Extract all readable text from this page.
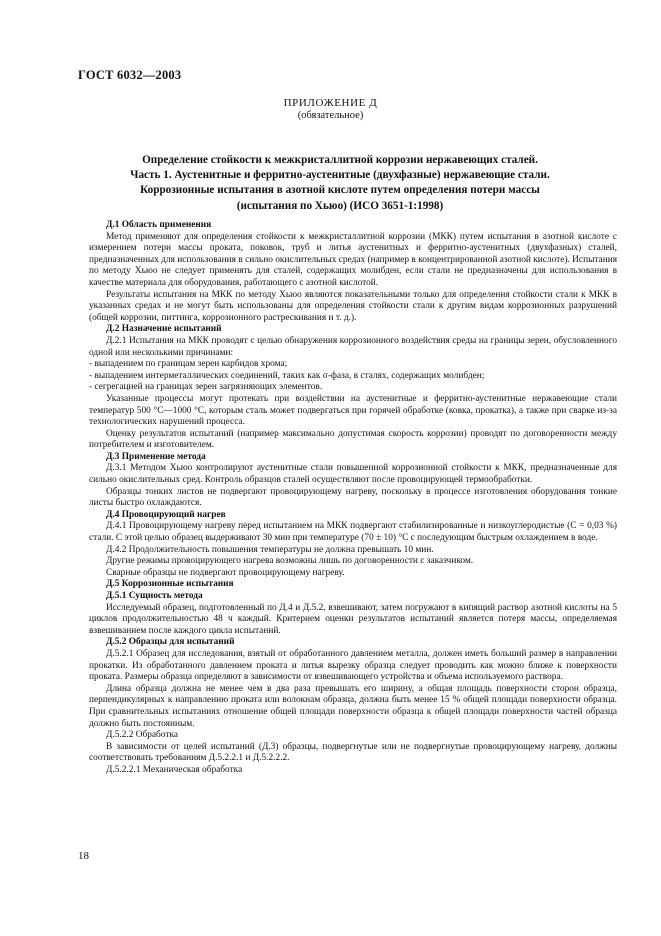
ГОСТ 6032—2003
ПРИЛОЖЕНИЕ Д
(обязательное)
Определение стойкости к межкристаллитной коррозии нержавеющих сталей.
Часть 1. Аустенитные и ферритно-аустенитные (двухфазные) нержавеющие стали.
Коррозионные испытания в азотной кислоте путем определения потери массы
(испытания по Хьюо) (ИСО 3651-1:1998)

Д.1 Область применения

Метод применяют для определения стойкости к межкристаллитной коррозии (МКК) путем испытания в азотной кислоте с измерением потери массы проката, поковок, труб и литья аустенитных и ферритно-аустенитных (двухфазных) сталей, предназначенных для использования в сильно окислительных средах (например в концентрированной азотной кислоте). Испытания по методу Хьюо не следует применять для сталей, содержащих молибден, если стали не предназначены для использования в качестве материала для оборудования, работающего с азотной кислотой.

Результаты испытания на МКК по методу Хьюо являются показательными только для определения стойкости стали к МКК в указанных средах и не могут быть использованы для определения стойкости стали к другим видам коррозионных разрушений (общей коррозии, питтинга, коррозионного растрескивания и т. д.).

Д.2 Назначение испытаний

Д.2.1 Испытания на МКК проводят с целью обнаружения коррозионного воздействия среды на границы зерен, обусловленного одной или несколькими причинами:

- выпадением по границам зерен карбидов хрома;

- выпадением интерметаллических соединений, таких как σ-фаза, в сталях, содержащих молибден;

- сегрегацией на границах зерен загрязняющих элементов.

Указанные процессы могут протекать при воздействии на аустенитные и ферритно-аустенитные нержавеющие стали температур 500 °С—1000 °С, которым сталь может подвергаться при горячей обработке (ковка, прокатка), а также при сварке из-за технологических нарушений процесса.

Оценку результатов испытаний (например максимально допустимая скорость коррозии) проводят по договоренности между потребителем и изготовителем.

Д.3 Применение метода

Д.3.1 Методом Хьюо контролируют аустенитные стали повышенной коррозионной стойкости к МКК, предназначенные для сильно окислительных сред. Контроль образцов сталей осуществляют после провоцирующей термообработки.

Образцы тонких листов не подвергают провоцирующему нагреву, поскольку в процессе изготовления оборудования тонкие листы быстро охлаждаются.

Д.4 Провоцирующий нагрев

Д.4.1 Провоцирующему нагреву перед испытанием на МКК подвергают стабилизированные и низкоуглеродистые (С = 0,03 %) стали. С этой целью образец выдерживают 30 мин при температуре (70 ± 10) °С с последующим быстрым охлаждением в воде.

Д.4.2 Продолжительность повышения температуры не должна превышать 10 мин.

Другие режимы провоцирующего нагрева возможны лишь по договоренности с заказчиком.

Сварные образцы не подвергают провоцирующему нагреву.

Д.5 Коррозионные испытания

Д.5.1 Сущность метода

Исследуемый образец, подготовленный по Д.4 и Д.5.2, взвешивают, затем погружают в кипящий раствор азотной кислоты на 5 циклов продолжительностью 48 ч каждый. Критерием оценки результатов испытаний является потеря массы, определяемая взвешиванием после каждого цикла испытаний.

Д.5.2 Образцы для испытаний

Д.5.2.1 Образец для исследования, взятый от обработанного давлением металла, должен иметь больший размер в направлении прокатки. Из обработанного давлением проката и литья вырезку образца следует проводить как можно ближе к поверхности проката. Размеры образца определяют в зависимости от взвешивающего устройства и объема используемого раствора.

Длина образца должна не менее чем в два раза превышать его ширину, а общая площадь поверхности сторон образца, перпендикулярных к направлению проката или волокнам образца, должна быть менее 15 % общей площади поверхности образца. При сравнительных испытаниях отношение общей площади поверхности образца к общей площади поверхности частей образца должно быть постоянным.

Д.5.2.2 Обработка

В зависимости от целей испытаний (Д.3) образцы, подвергнутые или не подвергнутые провоцирующему нагреву, должны соответствовать требованиям Д.5.2.2.1 и Д.5.2.2.2.

Д.5.2.2.1 Механическая обработка

18
